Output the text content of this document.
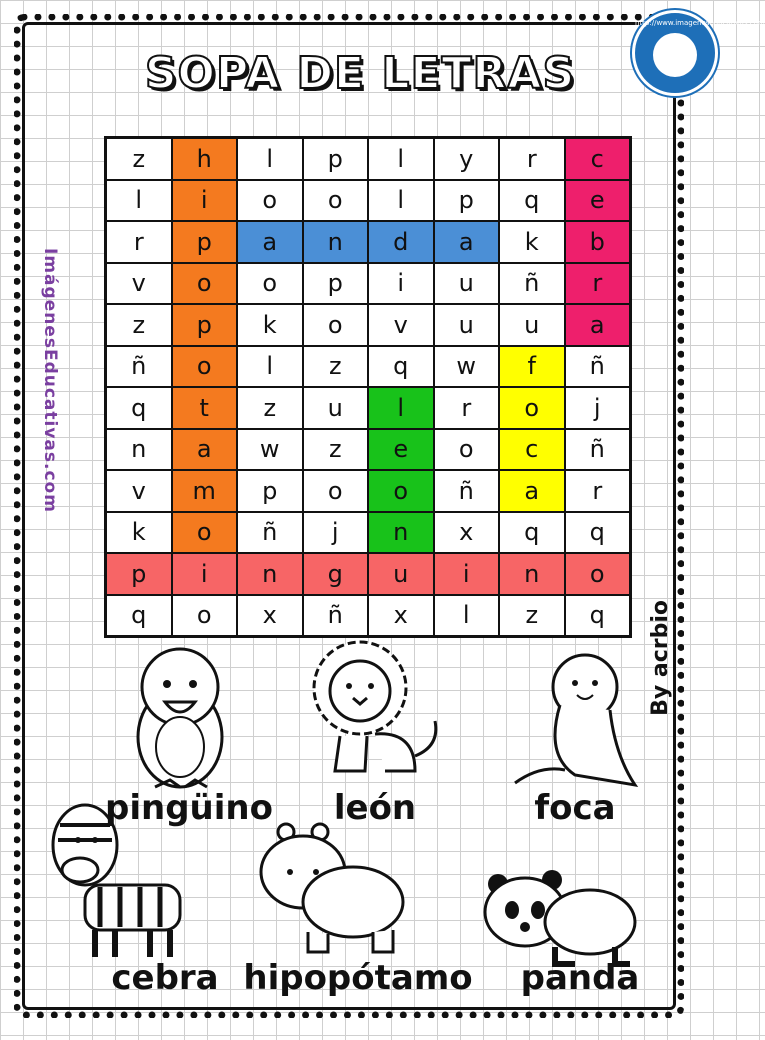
SOPA DE LETRAS
http://www.imageneseducativas.com
ImágenesEducativas.com
By acrbio
z	h	l	p	l	y	r	c
l	i	o	o	l	p	q	e
r	p	a	n	d	a	k	b
v	o	o	p	i	u	ñ	r
z	p	k	o	v	u	u	a
ñ	o	l	z	q	w	f	ñ
q	t	z	u	l	r	o	j
n	a	w	z	e	o	c	ñ
v	m	p	o	o	ñ	a	r
k	o	ñ	j	n	x	q	q
p	i	n	g	u	i	n	o
q	o	x	ñ	x	l	z	q
pingüino	león	foca
cebra hipopótamo panda
